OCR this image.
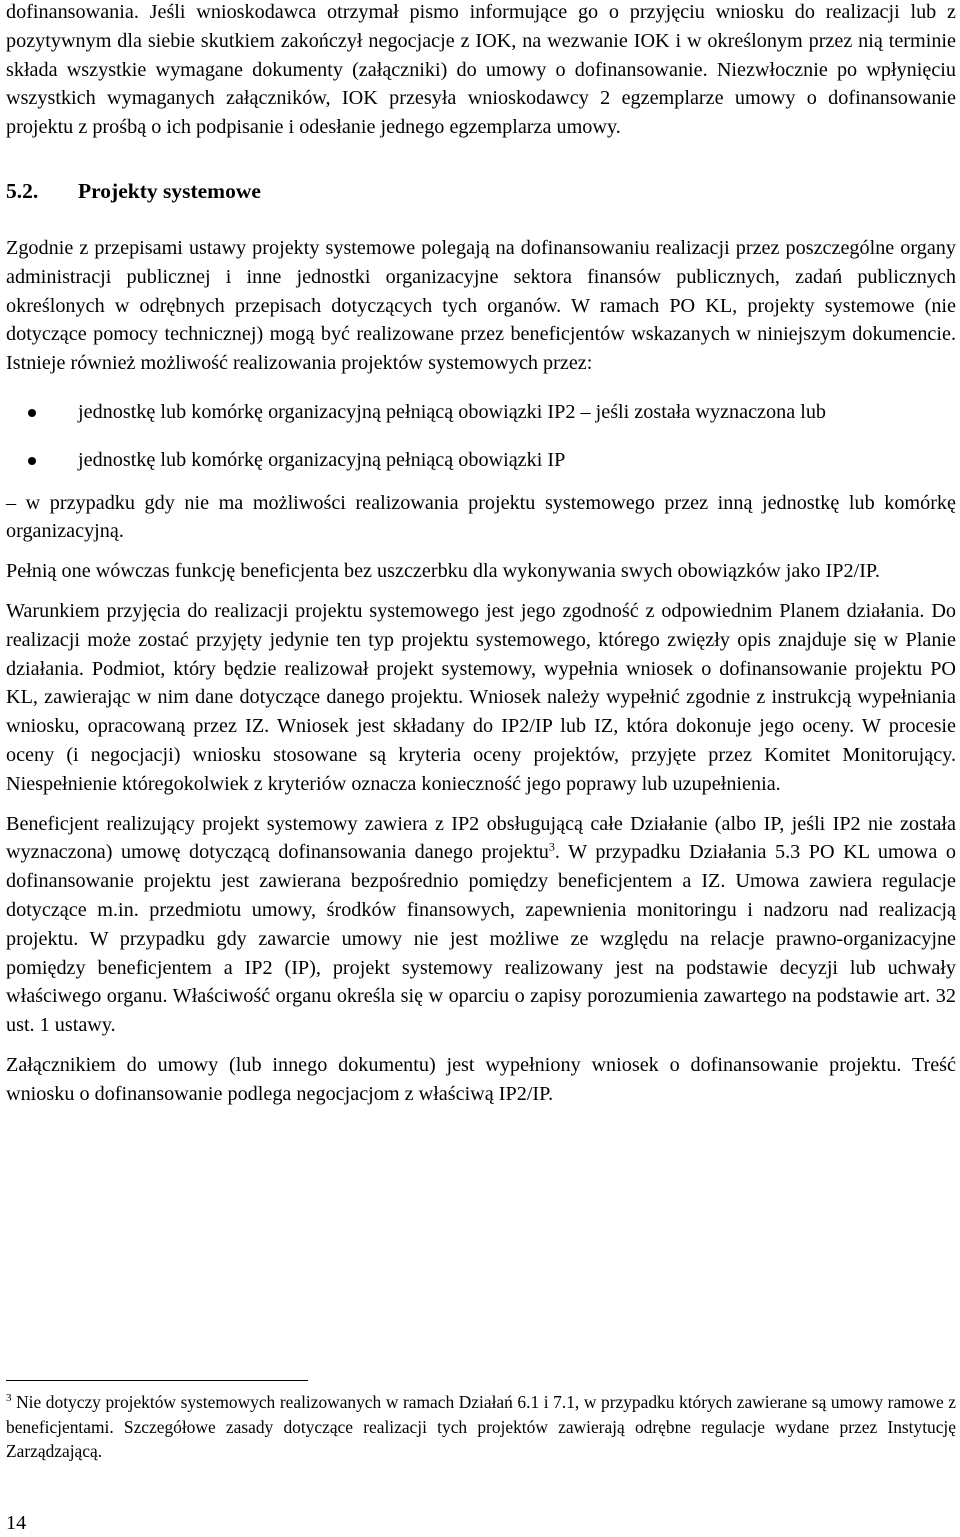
dofinansowania. Jeśli wnioskodawca otrzymał pismo informujące go o przyjęciu wniosku do realizacji lub z pozytywnym dla siebie skutkiem zakończył negocjacje z IOK, na wezwanie IOK i w określonym przez nią terminie składa wszystkie wymagane dokumenty (załączniki) do umowy o dofinansowanie. Niezwłocznie po wpłynięciu wszystkich wymaganych załączników, IOK przesyła wnioskodawcy 2 egzemplarze umowy o dofinansowanie projektu z prośbą o ich podpisanie i odesłanie jednego egzemplarza umowy.

5.2. Projekty systemowe

Zgodnie z przepisami ustawy projekty systemowe polegają na dofinansowaniu realizacji przez poszczególne organy administracji publicznej i inne jednostki organizacyjne sektora finansów publicznych, zadań publicznych określonych w odrębnych przepisach dotyczących tych organów. W ramach PO KL, projekty systemowe (nie dotyczące pomocy technicznej) mogą być realizowane przez beneficjentów wskazanych w niniejszym dokumencie. Istnieje również możliwość realizowania projektów systemowych przez:

jednostkę lub komórkę organizacyjną pełniącą obowiązki IP2 – jeśli została wyznaczona lub
jednostkę lub komórkę organizacyjną pełniącą obowiązki IP

– w przypadku gdy nie ma możliwości realizowania projektu systemowego przez inną jednostkę lub komórkę organizacyjną.

Pełnią one wówczas funkcję beneficjenta bez uszczerbku dla wykonywania swych obowiązków jako IP2/IP.

Warunkiem przyjęcia do realizacji projektu systemowego jest jego zgodność z odpowiednim Planem działania. Do realizacji może zostać przyjęty jedynie ten typ projektu systemowego, którego zwięzły opis znajduje się w Planie działania. Podmiot, który będzie realizował projekt systemowy, wypełnia wniosek o dofinansowanie projektu PO KL, zawierając w nim dane dotyczące danego projektu. Wniosek należy wypełnić zgodnie z instrukcją wypełniania wniosku, opracowaną przez IZ. Wniosek jest składany do IP2/IP lub IZ, która dokonuje jego oceny. W procesie oceny (i negocjacji) wniosku stosowane są kryteria oceny projektów, przyjęte przez Komitet Monitorujący. Niespełnienie któregokolwiek z kryteriów oznacza konieczność jego poprawy lub uzupełnienia.

Beneficjent realizujący projekt systemowy zawiera z IP2 obsługującą całe Działanie (albo IP, jeśli IP2 nie została wyznaczona) umowę dotyczącą dofinansowania danego projektu$^3$. W przypadku Działania 5.3 PO KL umowa o dofinansowanie projektu jest zawierana bezpośrednio pomiędzy beneficjentem a IZ. Umowa zawiera regulacje dotyczące m.in. przedmiotu umowy, środków finansowych, zapewnienia monitoringu i nadzoru nad realizacją projektu. W przypadku gdy zawarcie umowy nie jest możliwe ze względu na relacje prawno-organizacyjne pomiędzy beneficjentem a IP2 (IP), projekt systemowy realizowany jest na podstawie decyzji lub uchwały właściwego organu. Właściwość organu określa się w oparciu o zapisy porozumienia zawartego na podstawie art. 32 ust. 1 ustawy.

Załącznikiem do umowy (lub innego dokumentu) jest wypełniony wniosek o dofinansowanie projektu. Treść wniosku o dofinansowanie podlega negocjacjom z właściwą IP2/IP.

$^3$ Nie dotyczy projektów systemowych realizowanych w ramach Działań 6.1 i 7.1, w przypadku których zawierane są umowy ramowe z beneficjentami. Szczegółowe zasady dotyczące realizacji tych projektów zawierają odrębne regulacje wydane przez Instytucję Zarządzającą.
14
